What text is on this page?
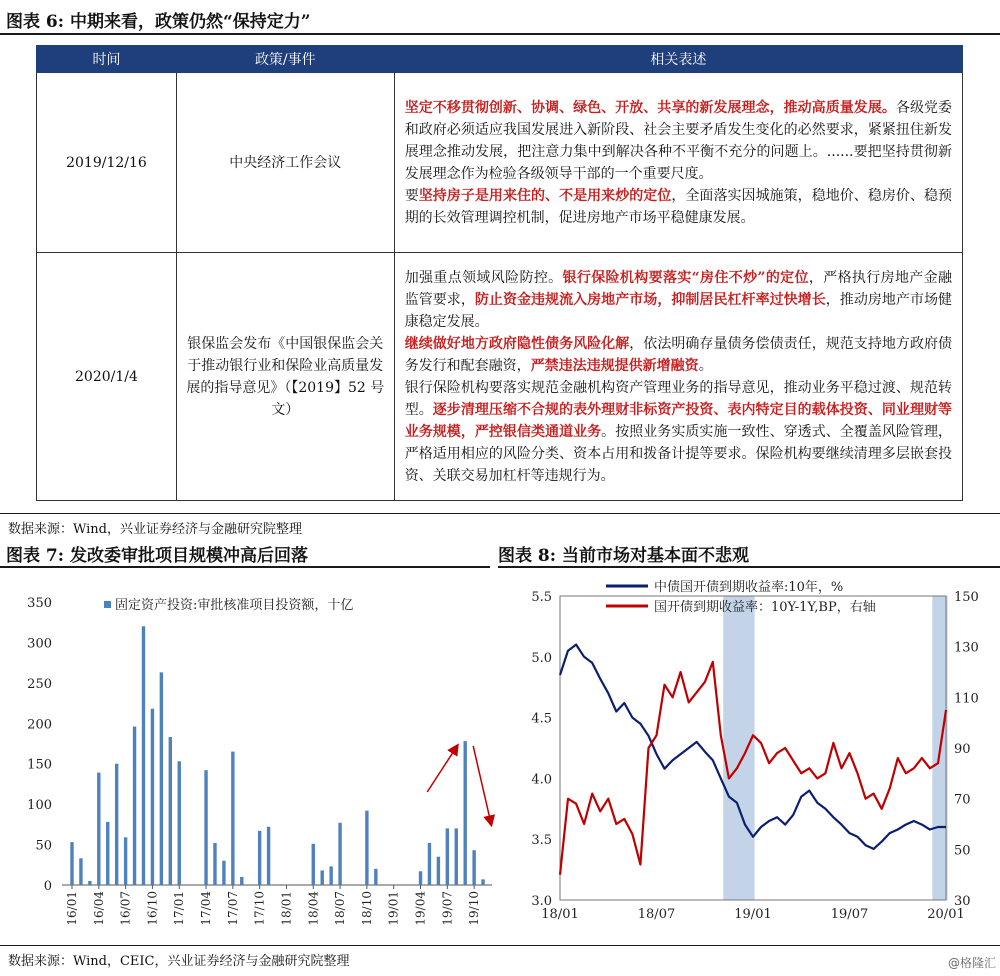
图表 6: 中期来看，政策仍然“保持定力”
时间	政策/事件	相关表述
2019/12/16	中央经济工作会议	坚定不移贯彻创新、协调、绿色、开放、共享的新发展理念，推动高质量发展。各级党委和政府必须适应我国发展进入新阶段、社会主要矛盾发生变化的必然要求，紧紧扭住新发展理念推动发展，把注意力集中到解决各种不平衡不充分的问题上。......要把坚持贯彻新发展理念作为检验各级领导干部的一个重要尺度。
要坚持房子是用来住的、不是用来炒的定位，全面落实因城施策，稳地价、稳房价、稳预期的长效管理调控机制，促进房地产市场平稳健康发展。

2020/1/4	银保监会发布《中国银保监会关于推动银行业和保险业高质量发展的指导意见》（【2019】52 号文）	加强重点领域风险防控。银行保险机构要落实“房住不炒”的定位，严格执行房地产金融监管要求，防止资金违规流入房地产市场，抑制居民杠杆率过快增长，推动房地产市场健康稳定发展。
继续做好地方政府隐性债务风险化解，依法明确存量债务偿债责任，规范支持地方政府债务发行和配套融资，严禁违法违规提供新增融资。
银行保险机构要落实规范金融机构资产管理业务的指导意见，推动业务平稳过渡、规范转型。逐步清理压缩不合规的表外理财非标资产投资、表内特定目的载体投资、同业理财等业务规模，严控银信类通道业务。按照业务实质实施一致性、穿透式、全覆盖风险管理，严格适用相应的风险分类、资本占用和拨备计提等要求。保险机构要继续清理多层嵌套投资、关联交易加杠杆等违规行为。
数据来源：Wind，兴业证券经济与金融研究院整理
图表 7: 发改委审批项目规模冲高后回落	图表 8: 当前市场对基本面不悲观
0
50
100
150
200
250
300
350
16/01 16/04 16/07 16/10 17/01 17/04 17/07 17/10 18/01 18/04 18/07 18/10 19/01 19/04 19/07 19/10
固定资产投资:审批核准项目投资额，十亿
3.0
3.5
4.0
4.5
5.0
5.5
30
50
70
90
110
130
150
18/01	18/07	19/01	19/07	20/01
中债国开债到期收益率:10年，%
国开债到期收益率：10Y-1Y,BP，右轴
数据来源：Wind，CEIC，兴业证券经济与金融研究院整理	@格隆汇
